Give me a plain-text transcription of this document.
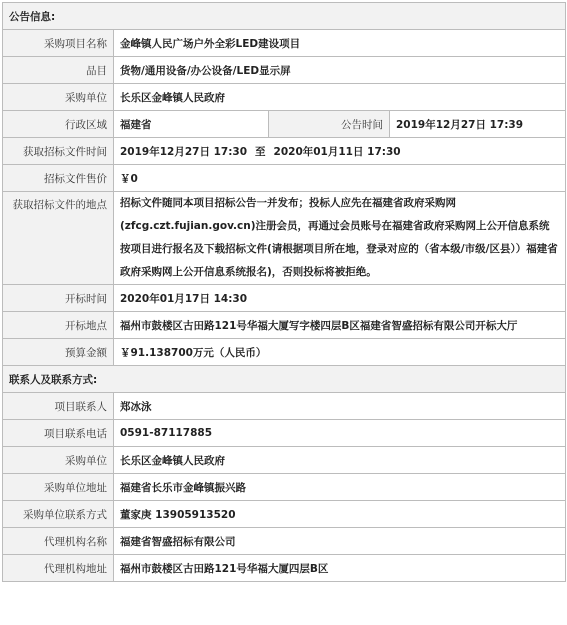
公告信息:			
采购项目名称	金峰镇人民广场户外全彩LED建设项目		
品目	货物/通用设备/办公设备/LED显示屏		
采购单位	长乐区金峰镇人民政府		
行政区域	福建省	公告时间	2019年12月27日 17:39
获取招标文件时间	2019年12月27日 17:30 至 2020年01月11日 17:30		
招标文件售价	￥0		
获取招标文件的地点	招标文件随同本项目招标公告一并发布；投标人应先在福建省政府采购网(zfcg.czt.fujian.gov.cn)注册会员，再通过会员账号在福建省政府采购网上公开信息系统按项目进行报名及下载招标文件(请根据项目所在地，登录对应的（省本级/市级/区县））福建省政府采购网上公开信息系统报名)，否则投标将被拒绝。		

开标时间	2020年01月17日 14:30		
开标地点	福州市鼓楼区古田路121号华福大厦写字楼四层B区福建省智盛招标有限公司开标大厅		
预算金额	￥91.138700万元（人民币）		
联系人及联系方式:			
项目联系人	郑冰泳		
项目联系电话	0591-87117885		
采购单位	长乐区金峰镇人民政府		
采购单位地址	福建省长乐市金峰镇振兴路		
采购单位联系方式	董家庚 13905913520		
代理机构名称	福建省智盛招标有限公司		
代理机构地址	福州市鼓楼区古田路121号华福大厦四层B区		
